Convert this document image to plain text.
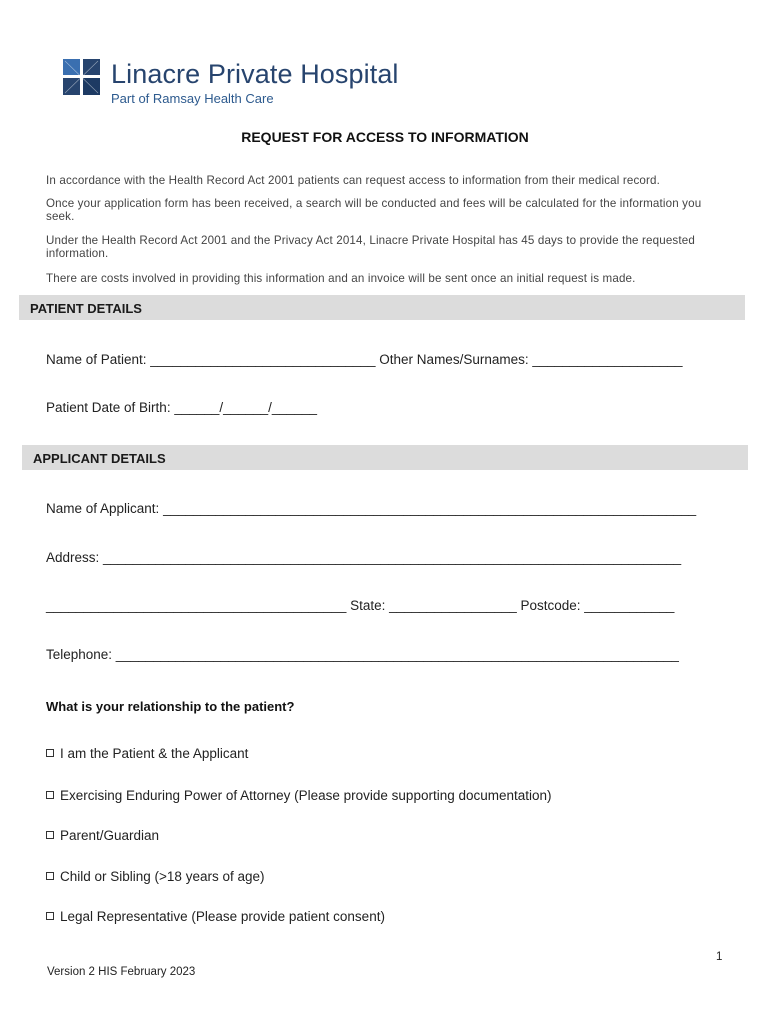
Linacre Private Hospital
Part of Ramsay Health Care
REQUEST FOR ACCESS TO INFORMATION
In accordance with the Health Record Act 2001 patients can request access to information from their medical record.
Once your application form has been received, a search will be conducted and fees will be calculated for the information you seek.
Under the Health Record Act 2001 and the Privacy Act 2014, Linacre Private Hospital has 45 days to provide the requested information.
There are costs involved in providing this information and an invoice will be sent once an initial request is made.
PATIENT DETAILS
Name of Patient: ______________________________ Other Names/Surnames: ____________________
Patient Date of Birth: ______/______/______
APPLICANT DETAILS
Name of Applicant: _______________________________________________________________________
Address: _____________________________________________________________________________
________________________________________ State: _________________ Postcode: ____________
Telephone: ___________________________________________________________________________
What is your relationship to the patient?
I am the Patient & the Applicant
Exercising Enduring Power of Attorney (Please provide supporting documentation)
Parent/Guardian
Child or Sibling (>18 years of age)
Legal Representative (Please provide patient consent)
1
Version 2 HIS February 2023
